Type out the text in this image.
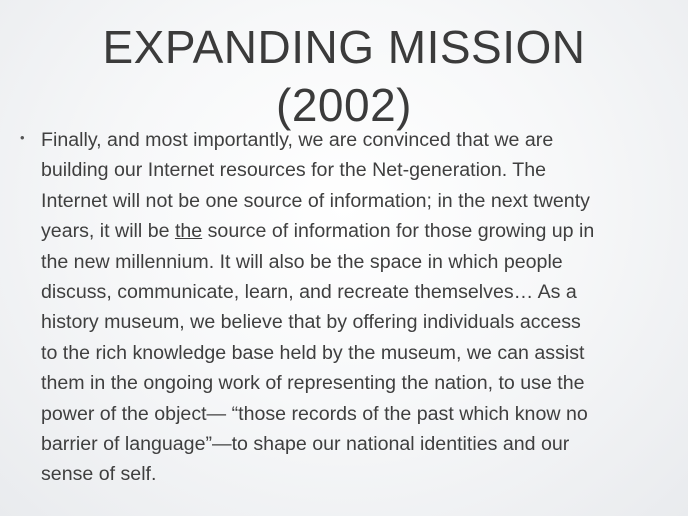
EXPANDING MISSION
(2002)
• Finally, and most importantly, we are convinced that we are
building our Internet resources for the Net-generation. The
Internet will not be one source of information; in the next twenty
years, it will be the source of information for those growing up in
the new millennium. It will also be the space in which people
discuss, communicate, learn, and recreate themselves… As a
history museum, we believe that by offering individuals access
to the rich knowledge base held by the museum, we can assist
them in the ongoing work of representing the nation, to use the
power of the object— “those records of the past which know no
barrier of language”—to shape our national identities and our
sense of self.
